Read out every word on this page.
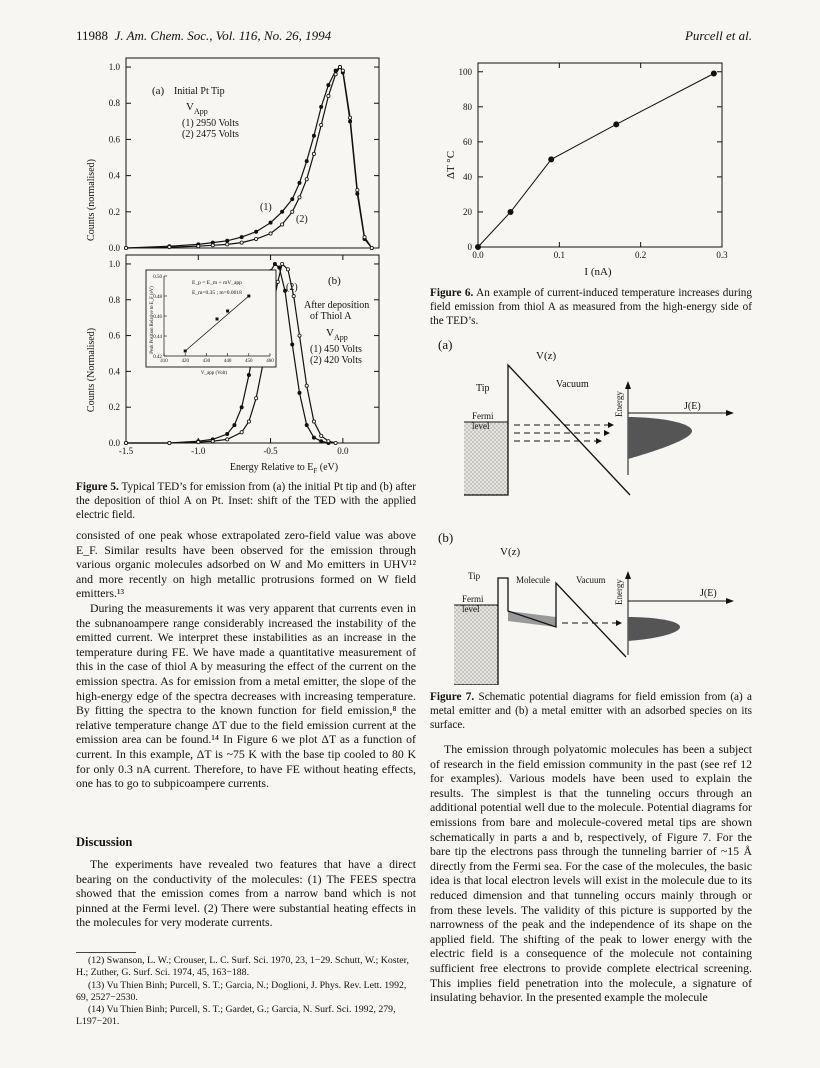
11988 J. Am. Chem. Soc., Vol. 116, No. 26, 1994	Purcell et al.
0.0
0.2
0.4
0.6
0.8
1.0
0.0
0.2
0.4
0.6
0.8
1.0
-1.5	-1.0	-0.5	0.0
(a) Initial Pt Tip
$V_{App}$
(1) 2950 Volts
(2) 2475 Volts
(1)
(2)
(b)
After deposition
of Thiol A
$V_{App}$
(1) 450 Volts
(2) 420 Volts
(2)
Counts (normalised)
Counts (Normalised)
Energy Relative to $E_F$ (eV)
0.42
0.44
0.46
0.48
0.50
410	420	430	440	450	460
E_p = E_m + mV_app
E_m=0.35 ; m=0.0018
Peak Position Relative to E_F (eV)
V_app (Volt)
Figure 5. Typical TED’s for emission from (a) the initial Pt tip and (b) after the deposition of thiol A on Pt. Inset: shift of the TED with the applied electric field.

consisted of one peak whose extrapolated zero-field value was above E_F. Similar results have been observed for the emission through various organic molecules adsorbed on W and Mo emitters in UHV¹² and more recently on high metallic protrusions formed on W field emitters.¹³

During the measurements it was very apparent that currents even in the subnanoampere range considerably increased the instability of the emitted current. We interpret these instabilities as an increase in the temperature during FE. We have made a quantitative measurement of this in the case of thiol A by measuring the effect of the current on the emission spectra. As for emission from a metal emitter, the slope of the high-energy edge of the spectra decreases with increasing temperature. By fitting the spectra to the known function for field emission,⁸ the relative temperature change ΔT due to the field emission current at the emission area can be found.¹⁴ In Figure 6 we plot ΔT as a function of current. In this example, ΔT is ~75 K with the base tip cooled to 80 K for only 0.3 nA current. Therefore, to have FE without heating effects, one has to go to subpicoampere currents.

Discussion

The experiments have revealed two features that have a direct bearing on the conductivity of the molecules: (1) The FEES spectra showed that the emission comes from a narrow band which is not pinned at the Fermi level. (2) There were substantial heating effects in the molecules for very moderate currents.

(12) Swanson, L. W.; Crouser, L. C. Surf. Sci. 1970, 23, 1−29. Schutt, W.; Koster, H.; Zuther, G. Surf. Sci. 1974, 45, 163−188.
(13) Vu Thien Binh; Purcell, S. T.; Garcia, N.; Doglioni, J. Phys. Rev. Lett. 1992, 69, 2527−2530.
(14) Vu Thien Binh; Purcell, S. T.; Gardet, G.; Garcia, N. Surf. Sci. 1992, 279, L197−201.
0
20
40
60
80
100
0.0	0.1	0.2	0.3
ΔT °C
I (nA)
Figure 6. An example of current-induced temperature increases during field emission from thiol A as measured from the high-energy side of the TED’s.
(a)
V(z)
Tip	Vacuum
Fermi
level
Energy	J(E)
(b)
V(z)
Tip	Molecule	Vacuum
Fermi
level
Energy	J(E)
Figure 7. Schematic potential diagrams for field emission from (a) a metal emitter and (b) a metal emitter with an adsorbed species on its surface.

The emission through polyatomic molecules has been a subject of research in the field emission community in the past (see ref 12 for examples). Various models have been used to explain the results. The simplest is that the tunneling occurs through an additional potential well due to the molecule. Potential diagrams for emissions from bare and molecule-covered metal tips are shown schematically in parts a and b, respectively, of Figure 7. For the bare tip the electrons pass through the tunneling barrier of ~15 Å directly from the Fermi sea. For the case of the molecules, the basic idea is that local electron levels will exist in the molecule due to its reduced dimension and that tunneling occurs mainly through or from these levels. The validity of this picture is supported by the narrowness of the peak and the independence of its shape on the applied field. The shifting of the peak to lower energy with the electric field is a consequence of the molecule not containing sufficient free electrons to provide complete electrical screening. This implies field penetration into the molecule, a signature of insulating behavior. In the presented example the molecule
